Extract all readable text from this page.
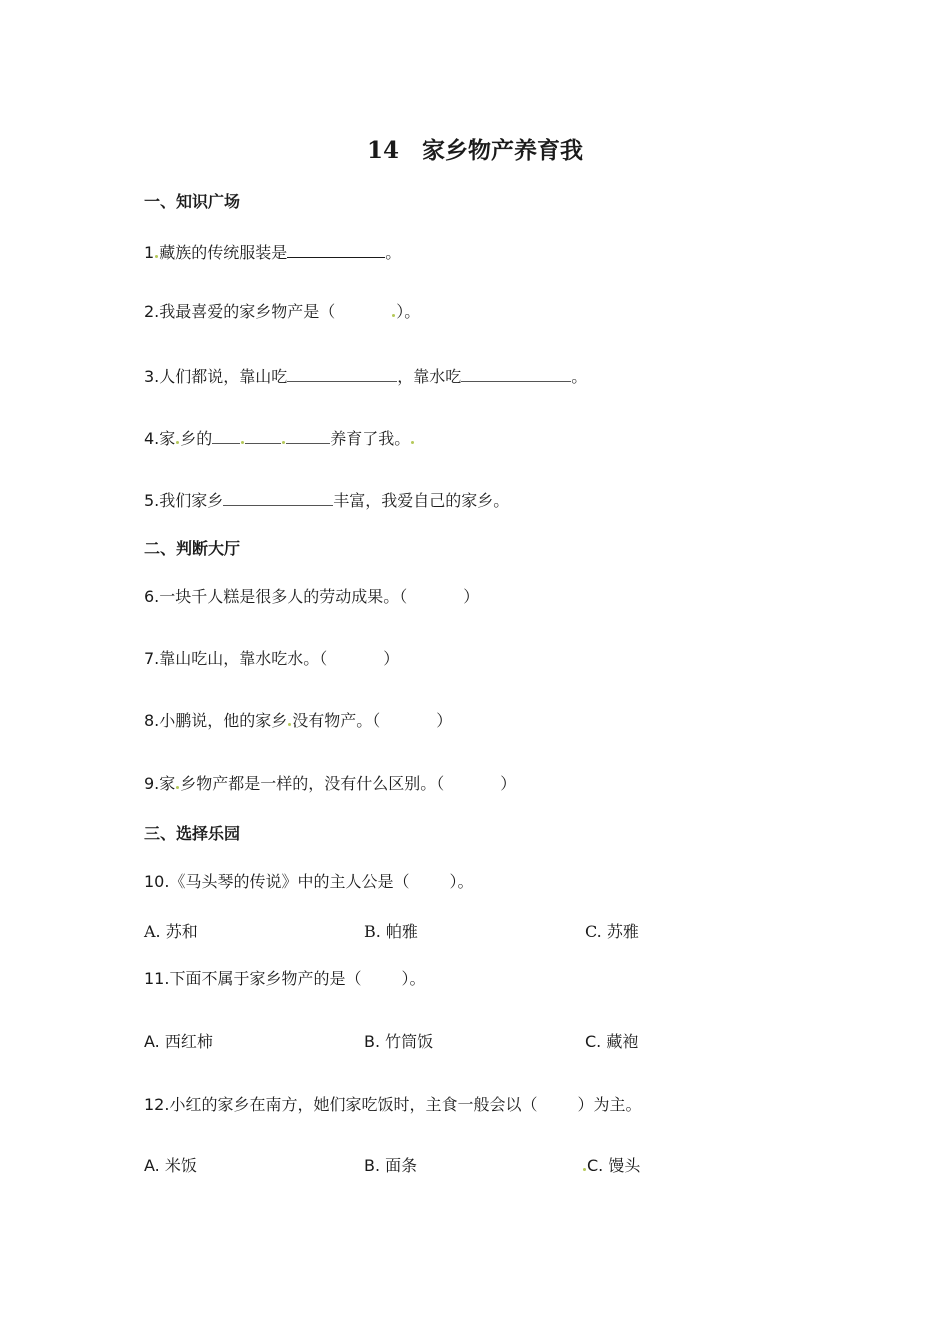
14　家乡物产养育我
一、知识广场
1 藏族的传统服装是	。
2.我最喜爱的家乡物产是（	）。
3.人们都说，靠山吃	，靠水吃	。
4.家 乡的	养育了我。
5.我们家乡	丰富，我爱自己的家乡。
二、判断大厅
6.一块千人糕是很多人的劳动成果。（	）
7.靠山吃山，靠水吃水。（	）
8.小鹏说，他的家乡 没有物产。（	）
9.家 乡物产都是一样的，没有什么区别。（	）
三、选择乐园
10.《马头琴的传说》中的主人公是（	）。
A. 苏和	B. 帕雅	C. 苏雅
11.下面不属于家乡物产的是（	）。
A. 西红柿	B. 竹筒饭	C. 藏袍
12.小红的家乡在南方，她们家吃饭时，主食一般会以（	）为主。
A. 米饭	B. 面条	C. 馒头
